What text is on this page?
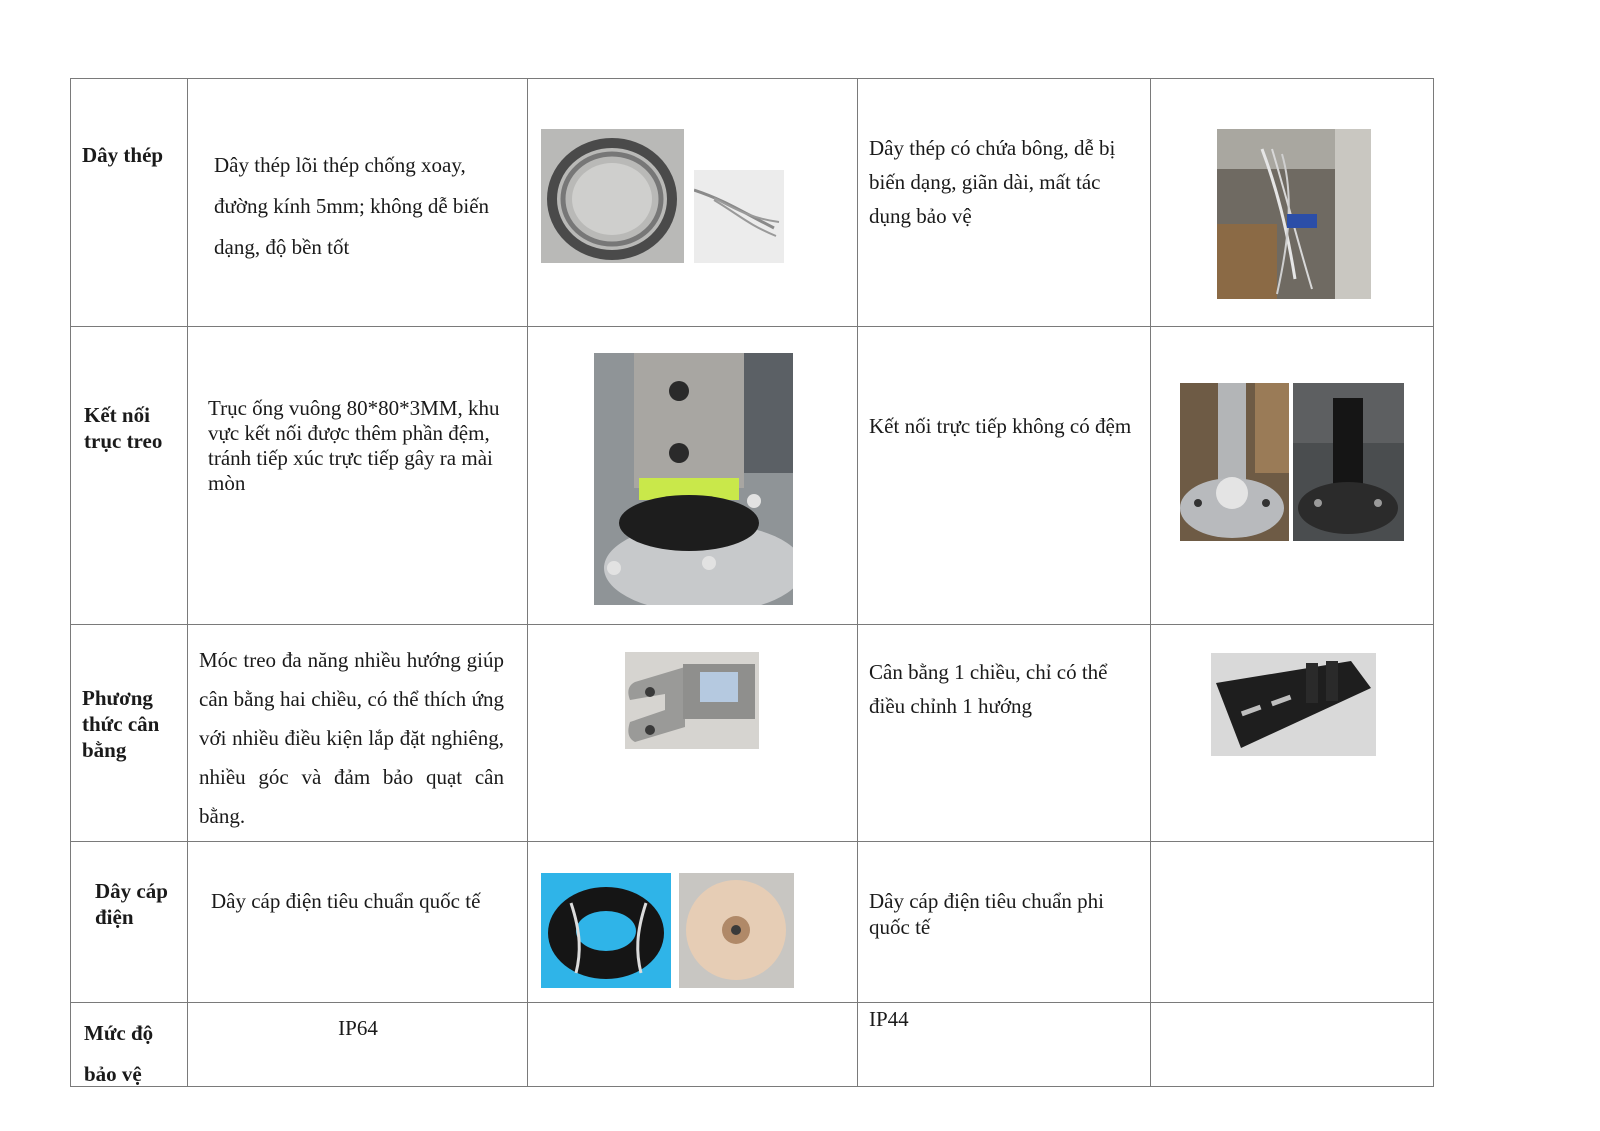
Dây thép	Dây thép lõi thép chống xoay, đường kính 5mm; không dễ biến dạng, độ bền tốt		Dây thép có chứa bông, dễ bị biến dạng, giãn dài, mất tác dụng bảo vệ

Kết nối trục treo	Trục ống vuông 80*80*3MM, khu vực kết nối được thêm phần đệm, tránh tiếp xúc trực tiếp gây ra mài mòn		Kết nối trực tiếp không có đệm

Phương thức cân bằng	Móc treo đa năng nhiều hướng giúp cân bằng hai chiều, có thể thích ứng với nhiều điều kiện lắp đặt nghiêng, nhiều góc và đảm bảo quạt cân bằng.		Cân bằng 1 chiều, chỉ có thể điều chỉnh 1 hướng

Dây cáp điện	Dây cáp điện tiêu chuẩn quốc tế		Dây cáp điện tiêu chuẩn phi quốc tế	

Mức độ bảo vệ	IP64		IP44	
